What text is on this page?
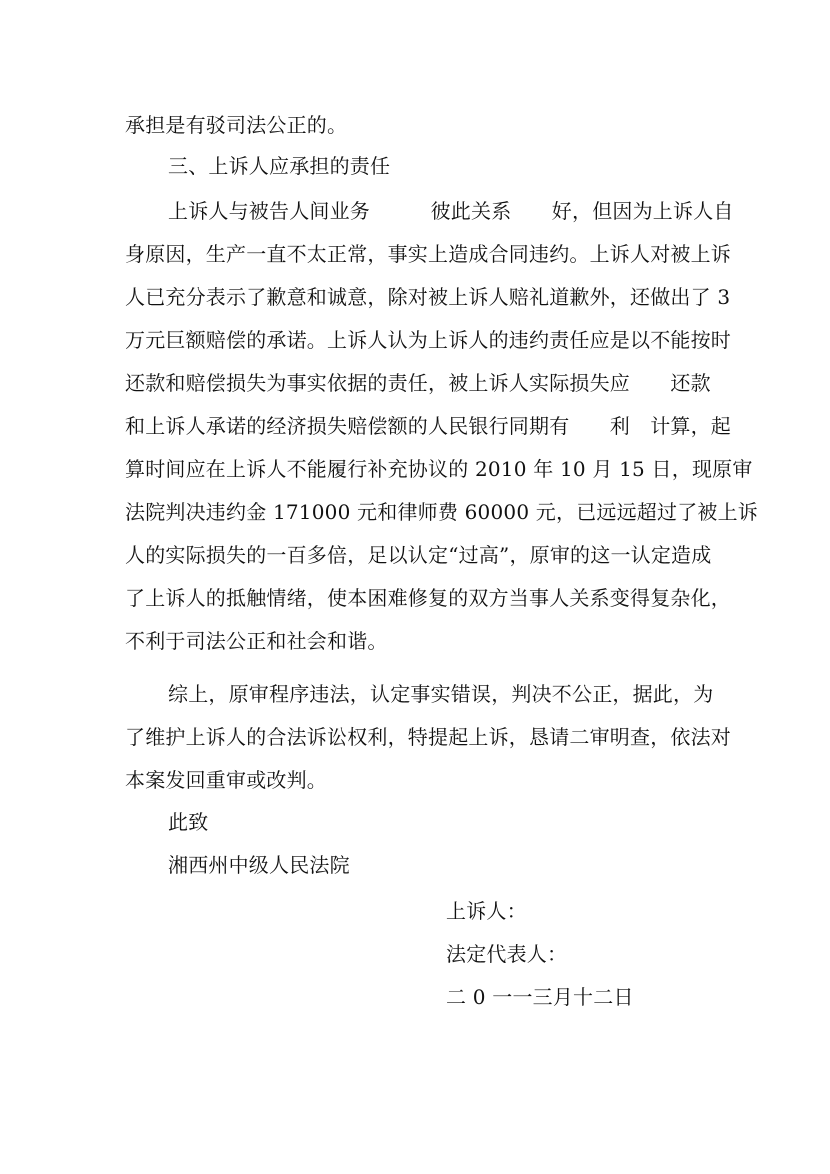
承担是有驳司法公正的。
三、上诉人应承担的责任
上诉人与被告人间业务　　　彼此关系　　好，但因为上诉人自
身原因，生产一直不太正常，事实上造成合同违约。上诉人对被上诉
人已充分表示了歉意和诚意，除对被上诉人赔礼道歉外，还做出了 3
万元巨额赔偿的承诺。上诉人认为上诉人的违约责任应是以不能按时
还款和赔偿损失为事实依据的责任，被上诉人实际损失应　　还款
和上诉人承诺的经济损失赔偿额的人民银行同期有　　利　计算，起
算时间应在上诉人不能履行补充协议的 2010 年 10 月 15 日，现原审
法院判决违约金 171000 元和律师费 60000 元，已远远超过了被上诉
人的实际损失的一百多倍，足以认定“过高”，原审的这一认定造成
了上诉人的抵触情绪，使本困难修复的双方当事人关系变得复杂化，
不利于司法公正和社会和谐。
综上，原审程序违法，认定事实错误，判决不公正，据此，为
了维护上诉人的合法诉讼权利，特提起上诉，恳请二审明查，依法对
本案发回重审或改判。
此致
湘西州中级人民法院
上诉人：
法定代表人：
二 0 一一三月十二日
